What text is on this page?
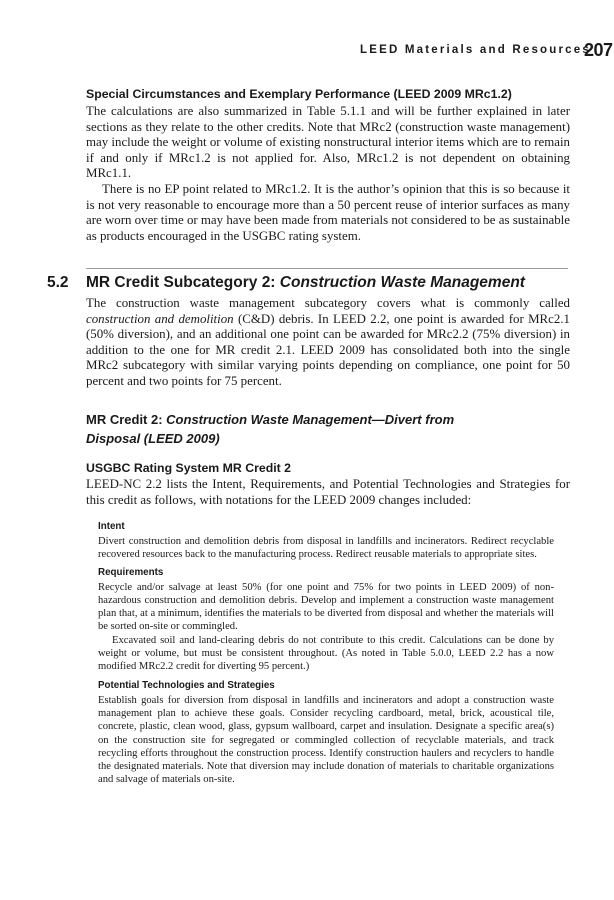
LEED Materials and Resources
207

Special Circumstances and Exemplary Performance (LEED 2009 MRc1.2)

The calculations are also summarized in Table 5.1.1 and will be further explained in later sections as they relate to the other credits. Note that MRc2 (construction waste management) may include the weight or volume of existing nonstructural interior items which are to remain if and only if MRc1.2 is not applied for. Also, MRc1.2 is not dependent on obtaining MRc1.1.

There is no EP point related to MRc1.2. It is the author’s opinion that this is so because it is not very reasonable to encourage more than a 50 percent reuse of interior surfaces as many are worn over time or may have been made from materials not considered to be as sustainable as products encouraged in the USGBC rating system.

5.2 MR Credit Subcategory 2: Construction Waste Management

The construction waste management subcategory covers what is commonly called construction and demolition (C&D) debris. In LEED 2.2, one point is awarded for MRc2.1 (50% diversion), and an additional one point can be awarded for MRc2.2 (75% diversion) in addition to the one for MR credit 2.1. LEED 2009 has consolidated both into the single MRc2 subcategory with similar varying points depending on compliance, one point for 50 percent and two points for 75 percent.

MR Credit 2: Construction Waste Management—Divert from
Disposal (LEED 2009)

USGBC Rating System MR Credit 2

LEED-NC 2.2 lists the Intent, Requirements, and Potential Technologies and Strategies for this credit as follows, with notations for the LEED 2009 changes included:

Intent

Divert construction and demolition debris from disposal in landfills and incinerators. Redirect recyclable recovered resources back to the manufacturing process. Redirect reusable materials to appropriate sites.

Requirements

Recycle and/or salvage at least 50% (for one point and 75% for two points in LEED 2009) of non-hazardous construction and demolition debris. Develop and implement a construction waste management plan that, at a minimum, identifies the materials to be diverted from disposal and whether the materials will be sorted on-site or commingled.

Excavated soil and land-clearing debris do not contribute to this credit. Calculations can be done by weight or volume, but must be consistent throughout. (As noted in Table 5.0.0, LEED 2.2 has a now modified MRc2.2 credit for diverting 95 percent.)

Potential Technologies and Strategies

Establish goals for diversion from disposal in landfills and incinerators and adopt a construction waste management plan to achieve these goals. Consider recycling cardboard, metal, brick, acoustical tile, concrete, plastic, clean wood, glass, gypsum wallboard, carpet and insulation. Designate a specific area(s) on the construction site for segregated or commingled collection of recyclable materials, and track recycling efforts throughout the construction process. Identify construction haulers and recyclers to handle the designated materials. Note that diversion may include donation of materials to charitable organizations and salvage of materials on-site.
